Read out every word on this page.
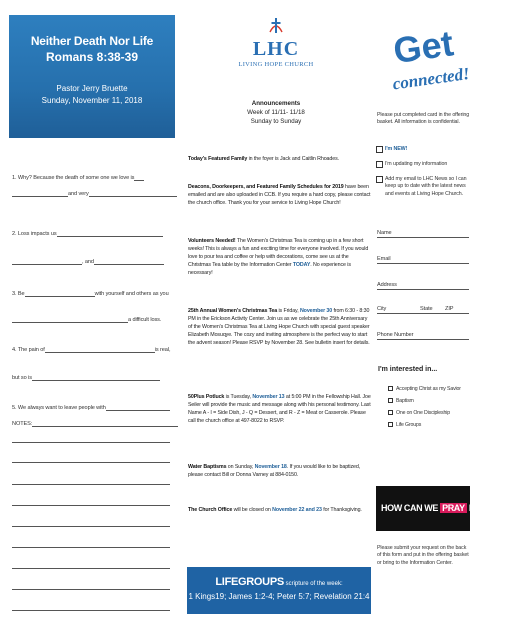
Neither Death Nor Life
Romans 8:38-39
Pastor Jerry Bruette
Sunday, November 11, 2018
1. Why? Because the death of some one we love is
and very
2. Loss impacts us
, and
3. Be	with yourself and others as you
a difficult loss.
4. The pain of	is real,
but so is
5. We always want to leave people with
NOTES:
LHC
LIVING HOPE CHURCH
Announcements
Week of 11/11- 11/18
Sunday to Sunday
Today's Featured Family in the foyer is Jack and Caitlin Rhoades.
Deacons, Doorkeepers, and Featured Family Schedules for 2019 have been emailed and are also uploaded in CCB. If you require a hard copy, please contact the church office. Thank you for your service to Living Hope Church!
Volunteers Needed! The Women's Christmas Tea is coming up in a few short weeks! This is always a fun and exciting time for everyone involved. If you would love to pour tea and coffee or help with decorations, come see us at the Christmas Tea table by the Information Center TODAY. No experience is necessary!
25th Annual Women's Christmas Tea is Friday, November 30 from 6:30 - 8:30 PM in the Erickson Activity Center. Join us as we celebrate the 25th Anniversary of the Women's Christmas Tea at Living Hope Church with special guest speaker Elizabeth Mosuqye. The cozy and inviting atmosphere is the perfect way to start the advent season! Please RSVP by November 28. See bulletin insert for details.
50Plus Potluck is Tuesday, November 13 at 5:00 PM in the Fellowship Hall. Joe Seiler will provide the music and message along with his personal testimony. Last Name A - I = Side Dish, J - Q = Dessert, and R - Z = Meat or Casserole. Please call the church office at 497-8022 to RSVP.
Water Baptisms on Sunday, November 18. If you would like to be baptized, please contact Bill or Donna Varney at 884-0150.
The Church Office will be closed on November 22 and 23 for Thanksgiving.
LIFEGROUPS scripture of the week:
1 Kings19; James 1:2-4; Peter 5:7; Revelation 21:4
Get
connected!
Please put completed card in the offering basket. All information is confidential.
I'm NEW!
I'm updating my information
Add my email to LHC News so I can keep up to date with the latest news and events at Living Hope Church.
Name
Email
Address
City	State ZIP
Phone Number
I'm interested in...
Accepting Christ as my Savior
Baptism
One on One Discipleship
Life Groups
HOW CAN WE PRAY FOR YOU?
Please submit your request on the back of this form and put in the offering basket or bring to the Information Center.
